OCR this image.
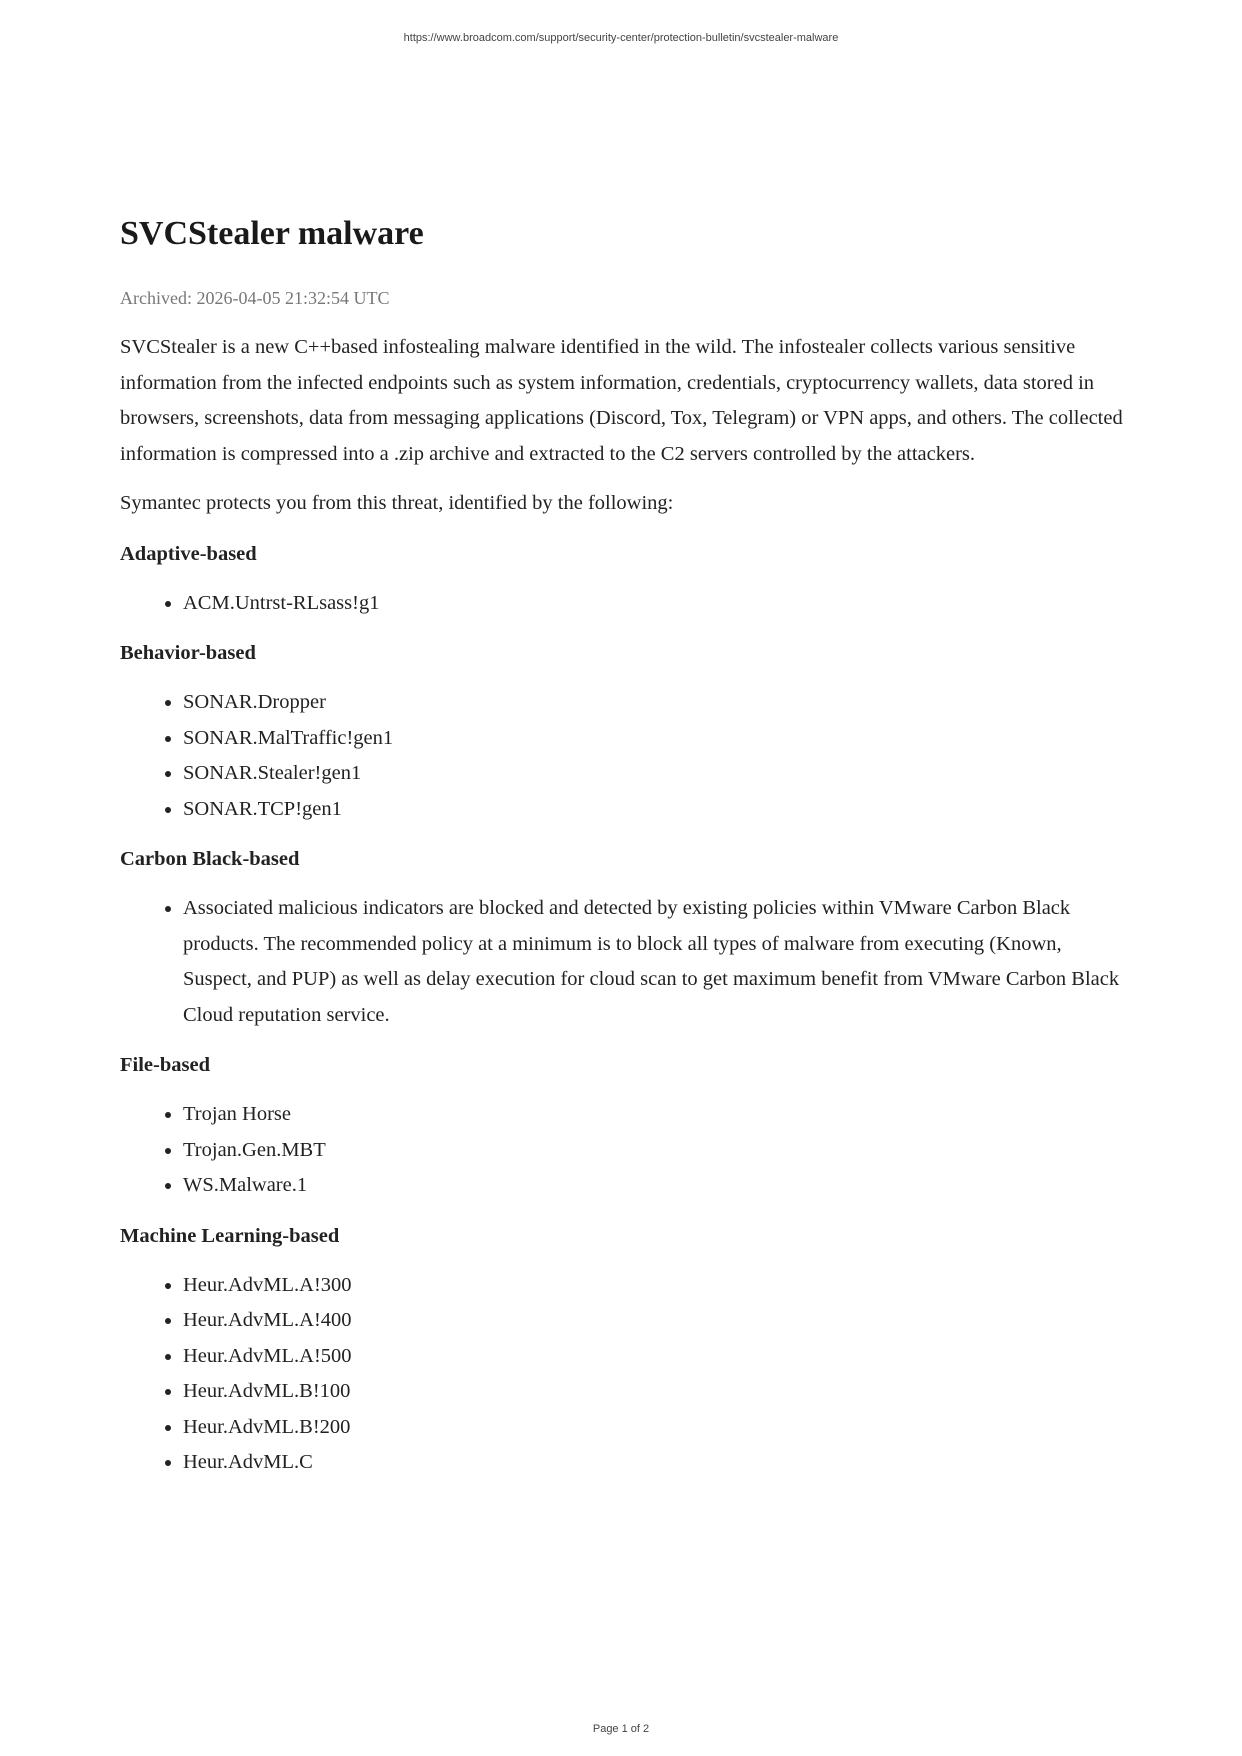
https://www.broadcom.com/support/security-center/protection-bulletin/svcstealer-malware
SVCStealer malware
Archived: 2026-04-05 21:32:54 UTC

SVCStealer is a new C++based infostealing malware identified in the wild. The infostealer collects various sensitive information from the infected endpoints such as system information, credentials, cryptocurrency wallets, data stored in browsers, screenshots, data from messaging applications (Discord, Tox, Telegram) or VPN apps, and others. The collected information is compressed into a .zip archive and extracted to the C2 servers controlled by the attackers.

Symantec protects you from this threat, identified by the following:

Adaptive-based
• ACM.Untrst-RLsass!g1
Behavior-based
• SONAR.Dropper
• SONAR.MalTraffic!gen1
• SONAR.Stealer!gen1
• SONAR.TCP!gen1
Carbon Black-based
• Associated malicious indicators are blocked and detected by existing policies within VMware Carbon Black products. The recommended policy at a minimum is to block all types of malware from executing (Known, Suspect, and PUP) as well as delay execution for cloud scan to get maximum benefit from VMware Carbon Black Cloud reputation service.
File-based
• Trojan Horse
• Trojan.Gen.MBT
• WS.Malware.1
Machine Learning-based
• Heur.AdvML.A!300
• Heur.AdvML.A!400
• Heur.AdvML.A!500
• Heur.AdvML.B!100
• Heur.AdvML.B!200
• Heur.AdvML.C
Page 1 of 2
